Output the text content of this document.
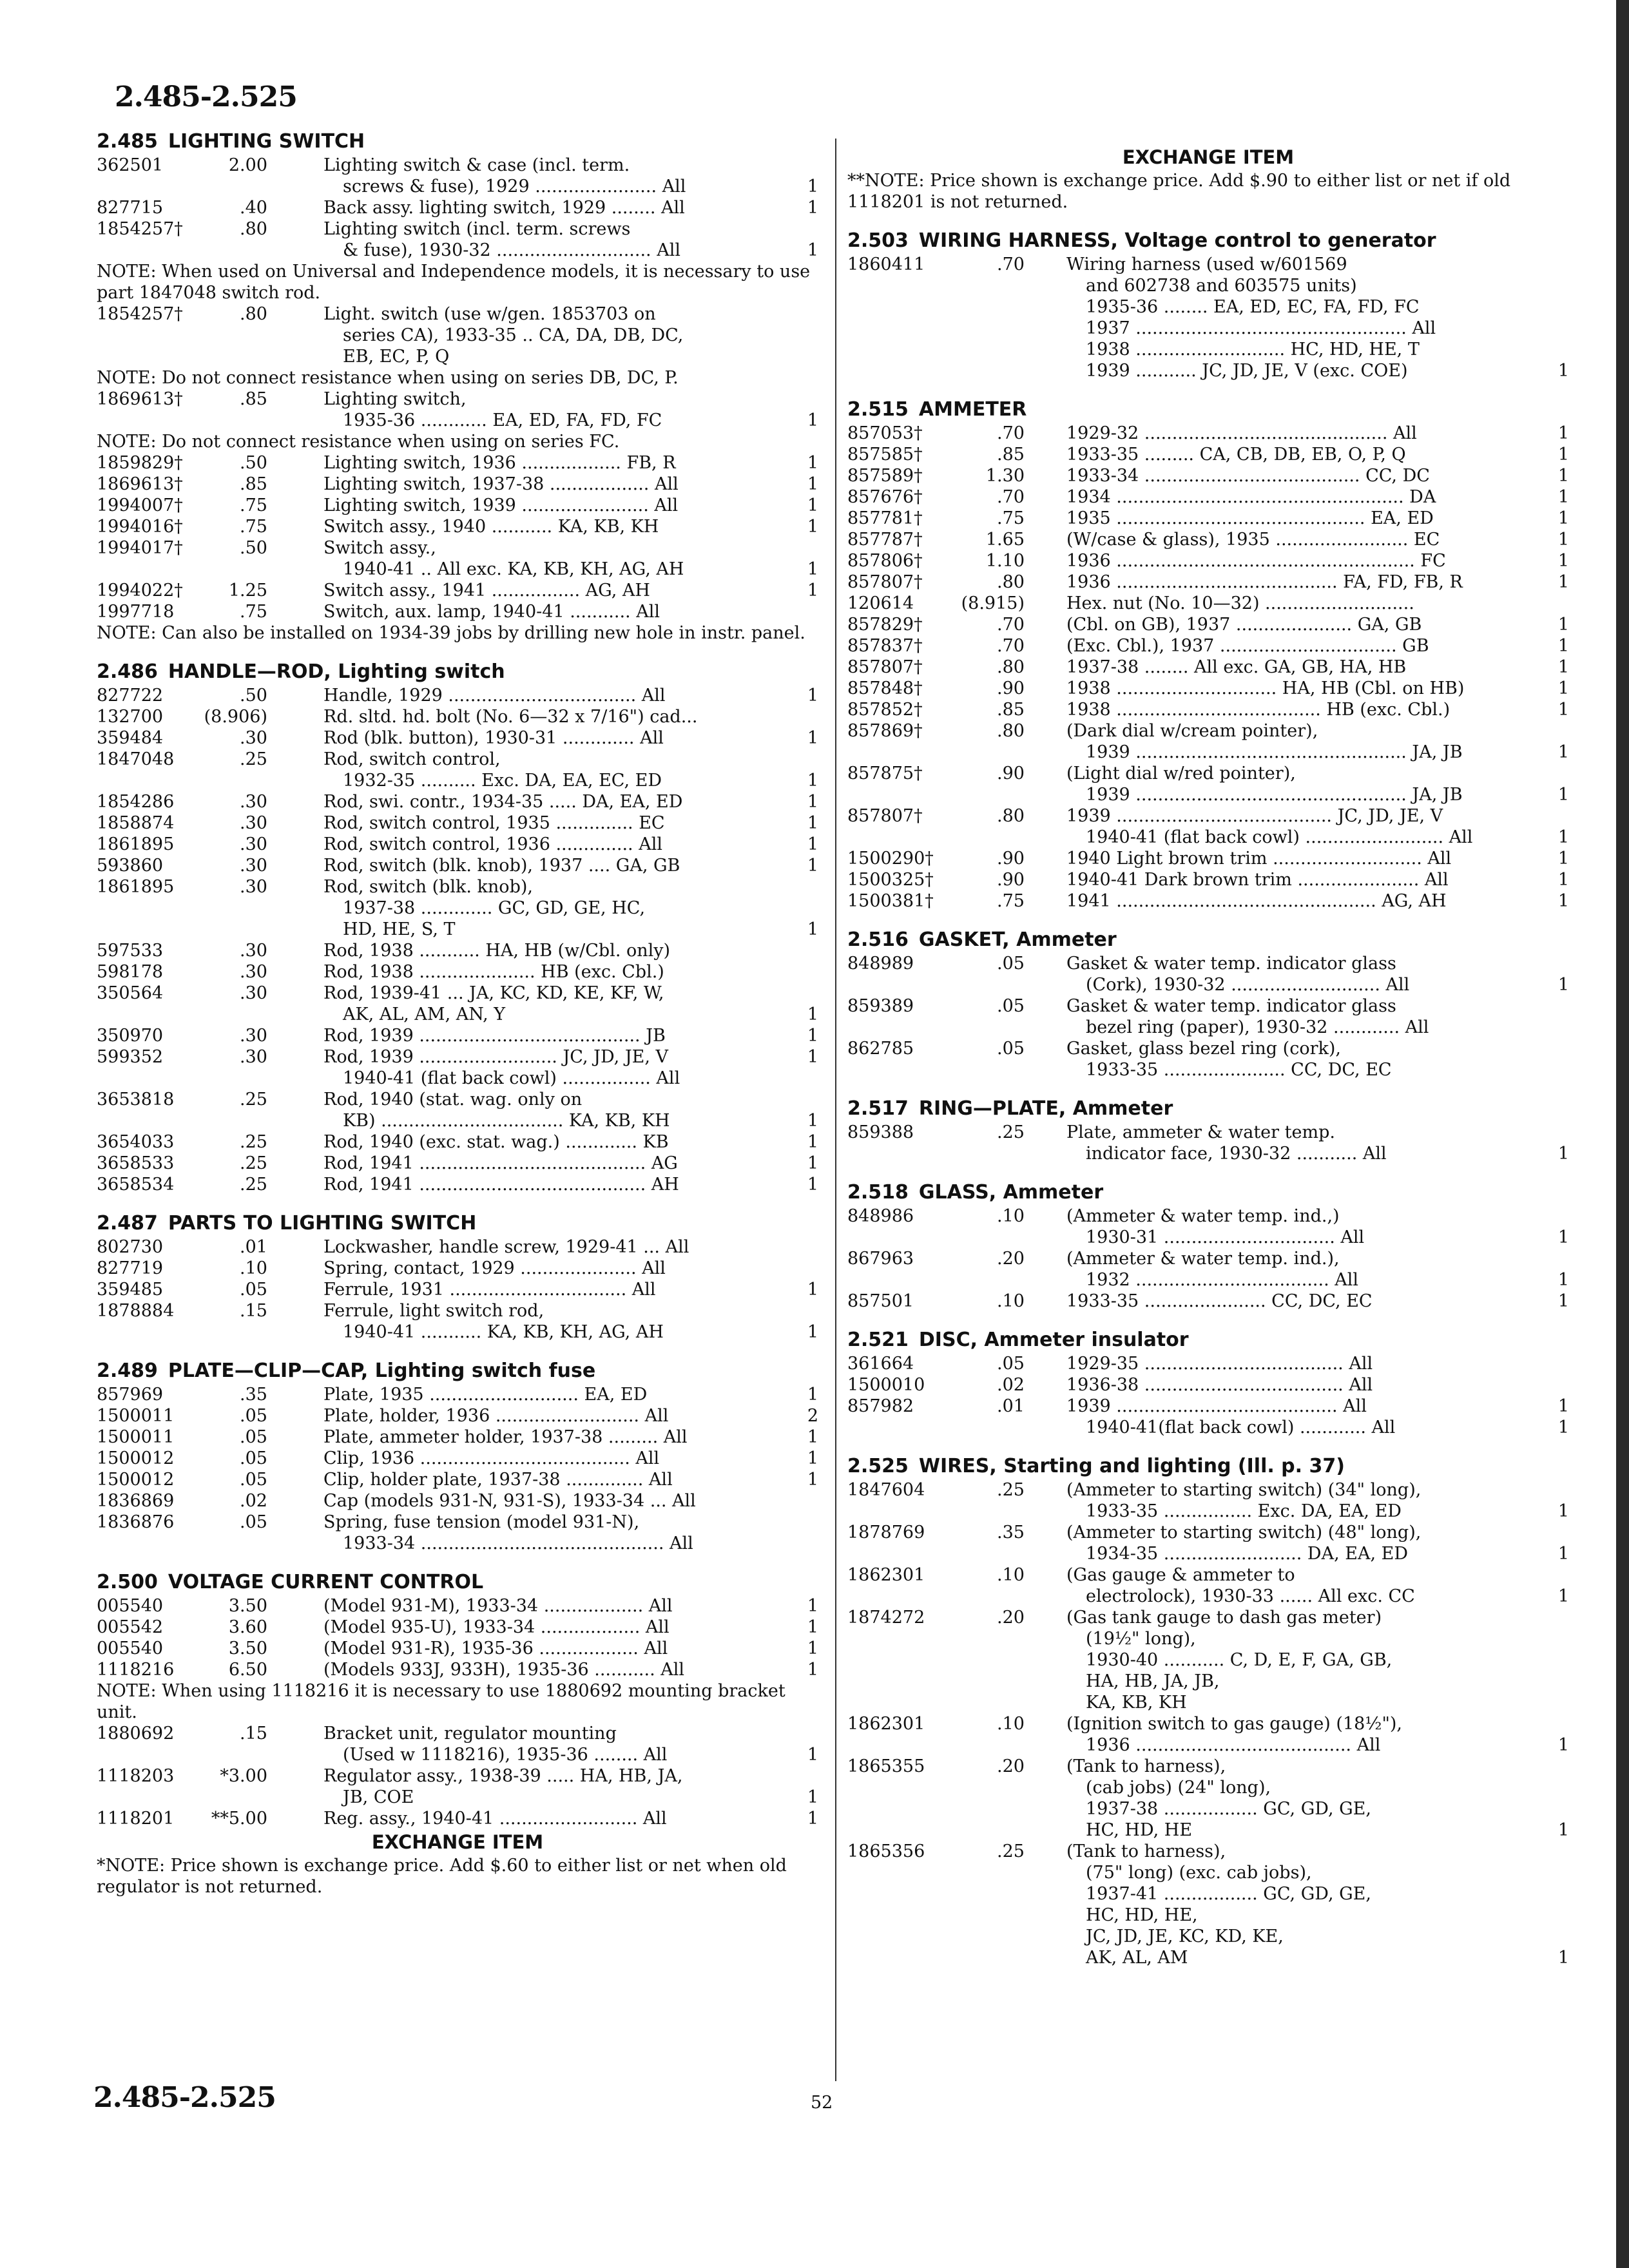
2.485-2.525
2.485 LIGHTING SWITCH
362501	2.00	Lighting switch & case (incl. term.
screws & fuse), 1929 ...................... All	1
827715	.40	Back assy. lighting switch, 1929 ........ All	1
1854257†	.80	Lighting switch (incl. term. screws
& fuse), 1930-32 ............................ All	1
NOTE: When used on Universal and Independence models, it is necessary to use part 1847048 switch rod.
1854257†	.80	Light. switch (use w/gen. 1853703 on
series CA), 1933-35 .. CA, DA, DB, DC,
EB, EC, P, Q
NOTE: Do not connect resistance when using on series DB, DC, P.
1869613†	.85	Lighting switch,
1935-36 ............ EA, ED, FA, FD, FC	1
NOTE: Do not connect resistance when using on series FC.
1859829†	.50	Lighting switch, 1936 .................. FB, R	1
1869613†	.85	Lighting switch, 1937-38 .................. All	1
1994007†	.75	Lighting switch, 1939 ....................... All	1
1994016†	.75	Switch assy., 1940 ........... KA, KB, KH	1
1994017†	.50	Switch assy.,
1940-41 .. All exc. KA, KB, KH, AG, AH	1
1994022†	1.25	Switch assy., 1941 ................ AG, AH	1
1997718	.75	Switch, aux. lamp, 1940-41 ........... All
NOTE: Can also be installed on 1934-39 jobs by drilling new hole in instr. panel.
2.486 HANDLE—ROD, Lighting switch
827722	.50	Handle, 1929 .................................. All	1
132700 (8.906)	Rd. sltd. hd. bolt (No. 6—32 x 7/16") cad...
359484	.30	Rod (blk. button), 1930-31 ............. All	1
1847048	.25	Rod, switch control,
1932-35 .......... Exc. DA, EA, EC, ED	1
1854286	.30	Rod, swi. contr., 1934-35 ..... DA, EA, ED	1
1858874	.30	Rod, switch control, 1935 .............. EC	1
1861895	.30	Rod, switch control, 1936 .............. All	1
593860	.30	Rod, switch (blk. knob), 1937 .... GA, GB	1
1861895	.30	Rod, switch (blk. knob),
1937-38 ............. GC, GD, GE, HC,
HD, HE, S, T	1
597533	.30	Rod, 1938 ........... HA, HB (w/Cbl. only)
598178	.30	Rod, 1938 ..................... HB (exc. Cbl.)
350564	.30	Rod, 1939-41 ... JA, KC, KD, KE, KF, W,
AK, AL, AM, AN, Y	1
350970	.30	Rod, 1939 ........................................ JB	1
599352	.30	Rod, 1939 ......................... JC, JD, JE, V	1
1940-41 (flat back cowl) ................ All
3653818	.25	Rod, 1940 (stat. wag. only on
KB) ................................. KA, KB, KH	1
3654033	.25	Rod, 1940 (exc. stat. wag.) ............. KB	1
3658533	.25	Rod, 1941 ......................................... AG	1
3658534	.25	Rod, 1941 ......................................... AH	1
2.487 PARTS TO LIGHTING SWITCH
802730	.01	Lockwasher, handle screw, 1929-41 ... All
827719	.10	Spring, contact, 1929 ..................... All
359485	.05	Ferrule, 1931 ................................ All	1
1878884	.15	Ferrule, light switch rod,
1940-41 ........... KA, KB, KH, AG, AH	1
2.489 PLATE—CLIP—CAP, Lighting switch fuse
857969	.35	Plate, 1935 ........................... EA, ED	1
1500011	.05	Plate, holder, 1936 .......................... All	2
1500011	.05	Plate, ammeter holder, 1937-38 ......... All	1
1500012	.05	Clip, 1936 ...................................... All	1
1500012	.05	Clip, holder plate, 1937-38 .............. All	1
1836869	.02	Cap (models 931-N, 931-S), 1933-34 ... All
1836876	.05	Spring, fuse tension (model 931-N),
1933-34 ............................................ All
2.500 VOLTAGE CURRENT CONTROL
005540	3.50	(Model 931-M), 1933-34 .................. All	1
005542	3.60	(Model 935-U), 1933-34 .................. All	1
005540	3.50	(Model 931-R), 1935-36 .................. All	1
1118216	6.50	(Models 933J, 933H), 1935-36 ........... All	1
NOTE: When using 1118216 it is necessary to use 1880692 mounting bracket unit.
1880692	.15	Bracket unit, regulator mounting
(Used w 1118216), 1935-36 ........ All	1
1118203	*3.00	Regulator assy., 1938-39 ..... HA, HB, JA,
JB, COE	1
1118201 **5.00	Reg. assy., 1940-41 ......................... All	1
EXCHANGE ITEM
*NOTE: Price shown is exchange price. Add $.60 to either list or net when old regulator is not returned.
EXCHANGE ITEM
**NOTE: Price shown is exchange price. Add $.90 to either list or net if old 1118201 is not returned.
2.503 WIRING HARNESS, Voltage control to generator
1860411	.70 Wiring harness (used w/601569
and 602738 and 603575 units)
1935-36 ........ EA, ED, EC, FA, FD, FC
1937 ................................................. All
1938 ........................... HC, HD, HE, T
1939 ........... JC, JD, JE, V (exc. COE)	1
2.515 AMMETER
857053†	.70 1929-32 ............................................ All	1
857585†	.85 1933-35 ......... CA, CB, DB, EB, O, P, Q	1
857589†	1.30 1933-34 ....................................... CC, DC	1
857676†	.70 1934 .................................................... DA	1
857781†	.75 1935 ............................................. EA, ED	1
857787†	1.65 (W/case & glass), 1935 ........................ EC	1
857806†	1.10 1936 ...................................................... FC	1
857807†	.80 1936 ........................................ FA, FD, FB, R	1
120614	(8.915) Hex. nut (No. 10—32) ...........................
857829†	.70 (Cbl. on GB), 1937 ..................... GA, GB	1
857837†	.70 (Exc. Cbl.), 1937 ................................ GB	1
857807†	.80 1937-38 ........ All exc. GA, GB, HA, HB	1
857848†	.90 1938 ............................. HA, HB (Cbl. on HB)	1
857852†	.85 1938 ..................................... HB (exc. Cbl.)	1
857869†	.80 (Dark dial w/cream pointer),
1939 ................................................. JA, JB	1
857875†	.90 (Light dial w/red pointer),
1939 ................................................. JA, JB	1
857807†	.80 1939 ....................................... JC, JD, JE, V
1940-41 (flat back cowl) ......................... All	1
1500290†	.90 1940 Light brown trim ........................... All	1
1500325†	.90 1940-41 Dark brown trim ...................... All	1
1500381†	.75 1941 ............................................... AG, AH	1
2.516 GASKET, Ammeter
848989	.05 Gasket & water temp. indicator glass
(Cork), 1930-32 ........................... All	1
859389	.05 Gasket & water temp. indicator glass
bezel ring (paper), 1930-32 ............ All
862785	.05 Gasket, glass bezel ring (cork),
1933-35 ...................... CC, DC, EC
2.517 RING—PLATE, Ammeter
859388	.25 Plate, ammeter & water temp.
indicator face, 1930-32 ........... All	1
2.518 GLASS, Ammeter
848986	.10 (Ammeter & water temp. ind.,)
1930-31 ............................... All	1
867963	.20 (Ammeter & water temp. ind.),
1932 ................................... All	1
857501	.10 1933-35 ...................... CC, DC, EC	1
2.521 DISC, Ammeter insulator
361664	.05 1929-35 .................................... All
1500010	.02 1936-38 .................................... All
857982	.01 1939 ........................................ All	1
1940-41(flat back cowl) ............ All	1
2.525 WIRES, Starting and lighting (Ill. p. 37)
1847604	.25 (Ammeter to starting switch) (34" long),
1933-35 ................ Exc. DA, EA, ED	1
1878769	.35 (Ammeter to starting switch) (48" long),
1934-35 ......................... DA, EA, ED	1
1862301	.10 (Gas gauge & ammeter to
electrolock), 1930-33 ...... All exc. CC	1
1874272	.20 (Gas tank gauge to dash gas meter)
(19½" long),
1930-40 ........... C, D, E, F, GA, GB,
HA, HB, JA, JB,
KA, KB, KH
1862301	.10 (Ignition switch to gas gauge) (18½"),
1936 ....................................... All	1
1865355	.20 (Tank to harness),
(cab jobs) (24" long),
1937-38 ................. GC, GD, GE,
HC, HD, HE	1
1865356	.25 (Tank to harness),
(75" long) (exc. cab jobs),
1937-41 ................. GC, GD, GE,
HC, HD, HE,
JC, JD, JE, KC, KD, KE,
AK, AL, AM	1
2.485-2.525	52
